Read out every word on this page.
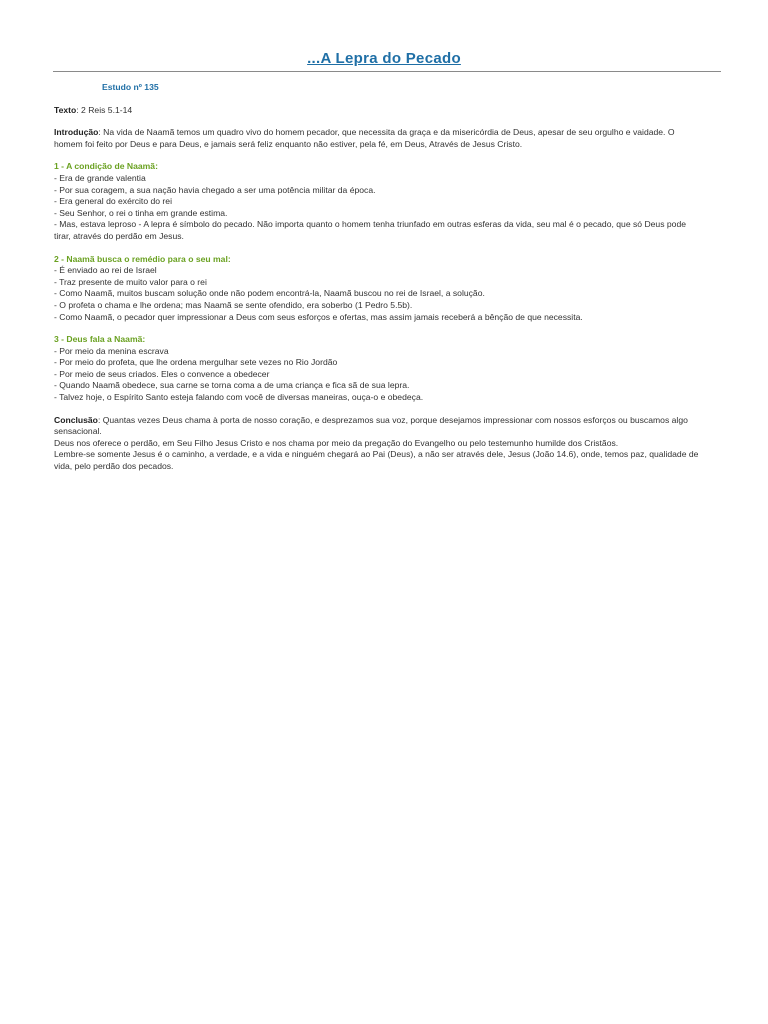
...A Lepra do Pecado
Estudo nº 135

Texto: 2 Reis 5.1-14

Introdução: Na vida de Naamã temos um quadro vivo do homem pecador, que necessita da graça e da misericórdia de Deus, apesar de seu orgulho e vaidade. O homem foi feito por Deus e para Deus, e jamais será feliz enquanto não estiver, pela fé, em Deus, Através de Jesus Cristo.

1 - A condição de Naamã:
- Era de grande valentia
- Por sua coragem, a sua nação havia chegado a ser uma potência militar da época.
- Era general do exército do rei
- Seu Senhor, o rei o tinha em grande estima.
- Mas, estava leproso - A lepra é símbolo do pecado. Não importa quanto o homem tenha triunfado em outras esferas da vida, seu mal é o pecado, que só Deus pode tirar, através do perdão em Jesus.
2 - Naamã busca o remédio para o seu mal:
- É enviado ao rei de Israel
- Traz presente de muito valor para o rei
- Como Naamã, muitos buscam solução onde não podem encontrá-la, Naamã buscou no rei de Israel, a solução.
- O profeta o chama e lhe ordena; mas Naamã se sente ofendido, era soberbo (1 Pedro 5.5b).
- Como Naamã, o pecador quer impressionar a Deus com seus esforços e ofertas, mas assim jamais receberá a bênção de que necessita.
3 - Deus fala a Naamã:
- Por meio da menina escrava
- Por meio do profeta, que lhe ordena mergulhar sete vezes no Rio Jordão
- Por meio de seus criados. Eles o convence a obedecer
- Quando Naamã obedece, sua carne se torna coma a de uma criança e fica sã de sua lepra.
- Talvez hoje, o Espírito Santo esteja falando com você de diversas maneiras, ouça-o e obedeça.
Conclusão: Quantas vezes Deus chama à porta de nosso coração, e desprezamos sua voz, porque desejamos impressionar com nossos esforços ou buscamos algo sensacional.
Deus nos oferece o perdão, em Seu Filho Jesus Cristo e nos chama por meio da pregação do Evangelho ou pelo testemunho humilde dos Cristãos.
Lembre-se somente Jesus é o caminho, a verdade, e a vida e ninguém chegará ao Pai (Deus), a não ser através dele, Jesus (João 14.6), onde, temos paz, qualidade de vida, pelo perdão dos pecados.
